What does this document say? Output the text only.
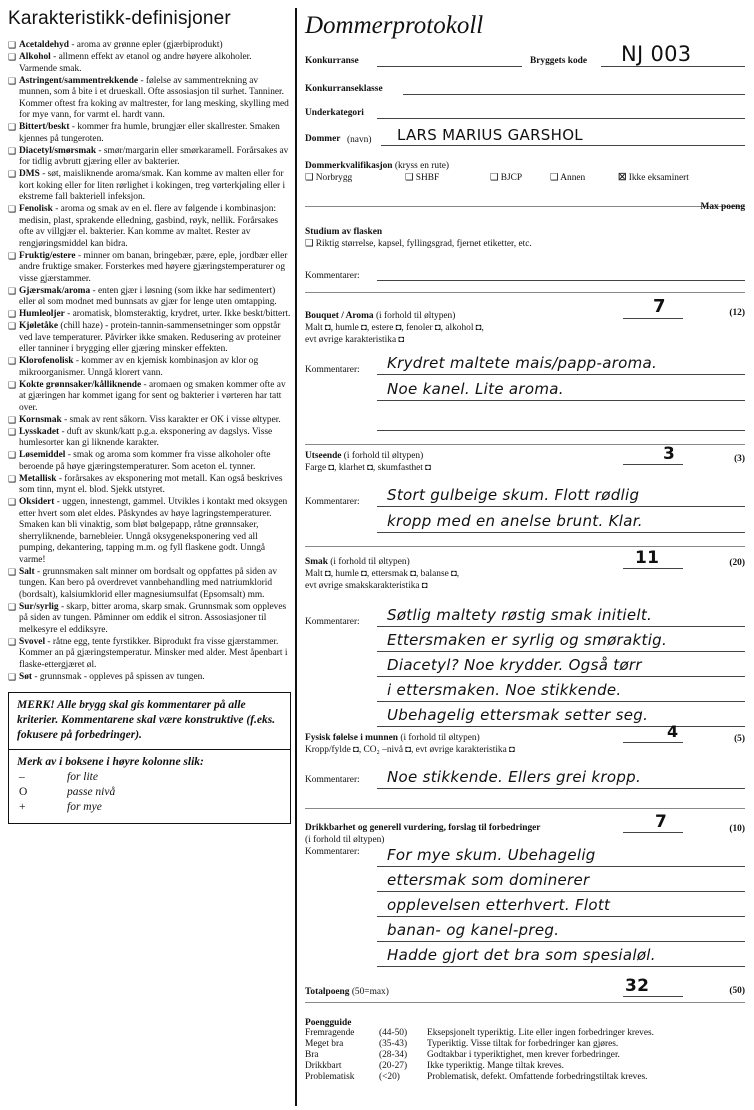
Karakteristikk-definisjoner
❑ Acetaldehyd - aroma av grønne epler (gjærbiprodukt)
❑ Alkohol - allmenn effekt av etanol og andre høyere alkoholer. Varmende smak.
❑ Astringent/sammentrekkende - følelse av sammentrekning av munnen, som å bite i et drueskall. Ofte assosiasjon til surhet. Tanniner. Kommer oftest fra koking av maltrester, for lang mesking, skylling med for mye vann, for varmt el. hardt vann.
❑ Bittert/beskt - kommer fra humle, brungjær eller skallrester. Smaken kjennes på tungeroten.
❑ Diacetyl/smørsmak - smør/margarin eller smørkaramell. Forårsakes av for tidlig avbrutt gjæring eller av bakterier.
❑ DMS - søt, maisliknende aroma/smak. Kan komme av malten eller for kort koking eller for liten rørlighet i kokingen, treg vørterkjøling eller i ekstreme fall bakteriell infeksjon.
❑ Fenolisk - aroma og smak av en el. flere av følgende i kombinasjon: medisin, plast, sprakende elledning, gasbind, røyk, nellik. Forårsakes ofte av villgjær el. bakterier. Kan komme av maltet. Rester av rengjøringsmiddel kan bidra.
❑ Fruktig/estere - minner om banan, bringebær, pære, eple, jordbær eller andre fruktige smaker. Forsterkes med høyere gjæringstemperaturer og visse gjærstammer.
❑ Gjærsmak/aroma - enten gjær i løsning (som ikke har sedimentert) eller øl som modnet med bunnsats av gjær for lenge uten omtapping.
❑ Humleoljer - aromatisk, blomsteraktig, krydret, urter. Ikke beskt/bittert.
❑ Kjøletåke (chill haze) - protein-tannin-sammensetninger som oppstår ved lave temperaturer. Påvirker ikke smaken. Redusering av proteiner eller tanniner i brygging eller gjæring minsker effekten.
❑ Klorofenolisk - kommer av en kjemisk kombinasjon av klor og mikroorganismer. Unngå klorert vann.
❑ Kokte grønnsaker/kålliknende - aromaen og smaken kommer ofte av at gjæringen har kommet igang for sent og bakterier i vørteren har tatt over.
❑ Kornsmak - smak av rent såkorn. Viss karakter er OK i visse øltyper.
❑ Lysskadet - duft av skunk/katt p.g.a. eksponering av dagslys. Visse humlesorter kan gi liknende karakter.
❑ Løsemiddel - smak og aroma som kommer fra visse alkoholer ofte beroende på høye gjæringstemperaturer. Som aceton el. tynner.
❑ Metallisk - forårsakes av eksponering mot metall. Kan også beskrives som tinn, mynt el. blod. Sjekk utstyret.
❑ Oksidert - uggen, innestengt, gammel. Utvikles i kontakt med oksygen etter hvert som ølet eldes. Påskyndes av høye lagringstemperaturer. Smaken kan bli vinaktig, som bløt bølgepapp, råtne grønnsaker, sherryliknende, barnebleier. Unngå oksygeneksponering ved all pumping, dekantering, tapping m.m. og fyll flaskene godt. Unngå varme!
❑ Salt - grunnsmaken salt minner om bordsalt og oppfattes på siden av tungen. Kan bero på overdrevet vannbehandling med natriumklorid (bordsalt), kalsiumklorid eller magnesiumsulfat (Epsomsalt) mm.
❑ Sur/syrlig - skarp, bitter aroma, skarp smak. Grunnsmak som oppleves på siden av tungen. Påminner om eddik el sitron. Assosiasjoner til melkesyre el eddiksyre.
❑ Svovel - råtne egg, tente fyrstikker. Biprodukt fra visse gjærstammer. Kommer an på gjæringstemperatur. Minsker med alder. Mest åpenbart i flaske-ettergjæret øl.
❑ Søt - grunnsmak - oppleves på spissen av tungen.
MERK! Alle brygg skal gis kommentarer på alle kriterier. Kommentarene skal være konstruktive (f.eks. fokusere på forbedringer).
Merk av i boksene i høyre kolonne slik:
–	for lite
O	passe nivå
+	for mye
Dommerprotokoll
Konkurranse	Bryggets kode NJ 003
Konkurranseklasse
Underkategori
Dommer (navn) LARS MARIUS GARSHOL
Dommerkvalifikasjon (kryss en rute)
❑ Norbrygg	❑ SHBF	❑ BJCP	❑ Annen	☒ Ikke eksaminert
Max poeng
Studium av flasken
❑ Riktig størrelse, kapsel, fyllingsgrad, fjernet etiketter, etc.
Kommentarer:
Bouquet / Aroma (i forhold til øltypen)
Malt ◘, humle ◘, estere ◘, fenoler ◘, alkohol ◘,
evt øvrige karakteristika ◘
7	(12)
Kommentarer: Krydret maltete mais/papp-aroma.
Noe kanel. Lite aroma.
Utseende (i forhold til øltypen)
Farge ◘, klarhet ◘, skumfasthet ◘
3	(3)
Kommentarer: Stort gulbeige skum. Flott rødlig
kropp med en anelse brunt. Klar.
Smak (i forhold til øltypen)
Malt ◘, humle ◘, ettersmak ◘, balanse ◘,
evt øvrige smakskarakteristika ◘
11	(20)
Kommentarer: Søtlig maltety røstig smak initielt.
Ettersmaken er syrlig og smøraktig.
Diacetyl? Noe krydder. Også tørr
i ettersmaken. Noe stikkende.
Ubehagelig ettersmak setter seg.
Fysisk følelse i munnen (i forhold til øltypen)
Kropp/fylde ◘, CO₂ –nivå ◘, evt øvrige karakteristika ◘
4	(5)
Kommentarer: Noe stikkende. Ellers grei kropp.
Drikkbarhet og generell vurdering, forslag til forbedringer
(i forhold til øltypen)
Kommentarer:
7	(10)
For mye skum. Ubehagelig
ettersmak som dominerer
opplevelsen etterhvert. Flott
banan- og kanel-preg.
Hadde gjort det bra som spesialøl.
Totalpoeng (50=max)	32	(50)
Poengguide
Fremragende	(44-50)	Eksepsjonelt typeriktig. Lite eller ingen forbedringer kreves.
Meget bra	(35-43)	Typeriktig. Visse tiltak for forbedringer kan gjøres.
Bra	(28-34)	Godtakbar i typeriktighet, men krever forbedringer.
Drikkbart	(20-27)	Ikke typeriktig. Mange tiltak kreves.
Problematisk	(<20)	Problematisk, defekt. Omfattende forbedringstiltak kreves.
